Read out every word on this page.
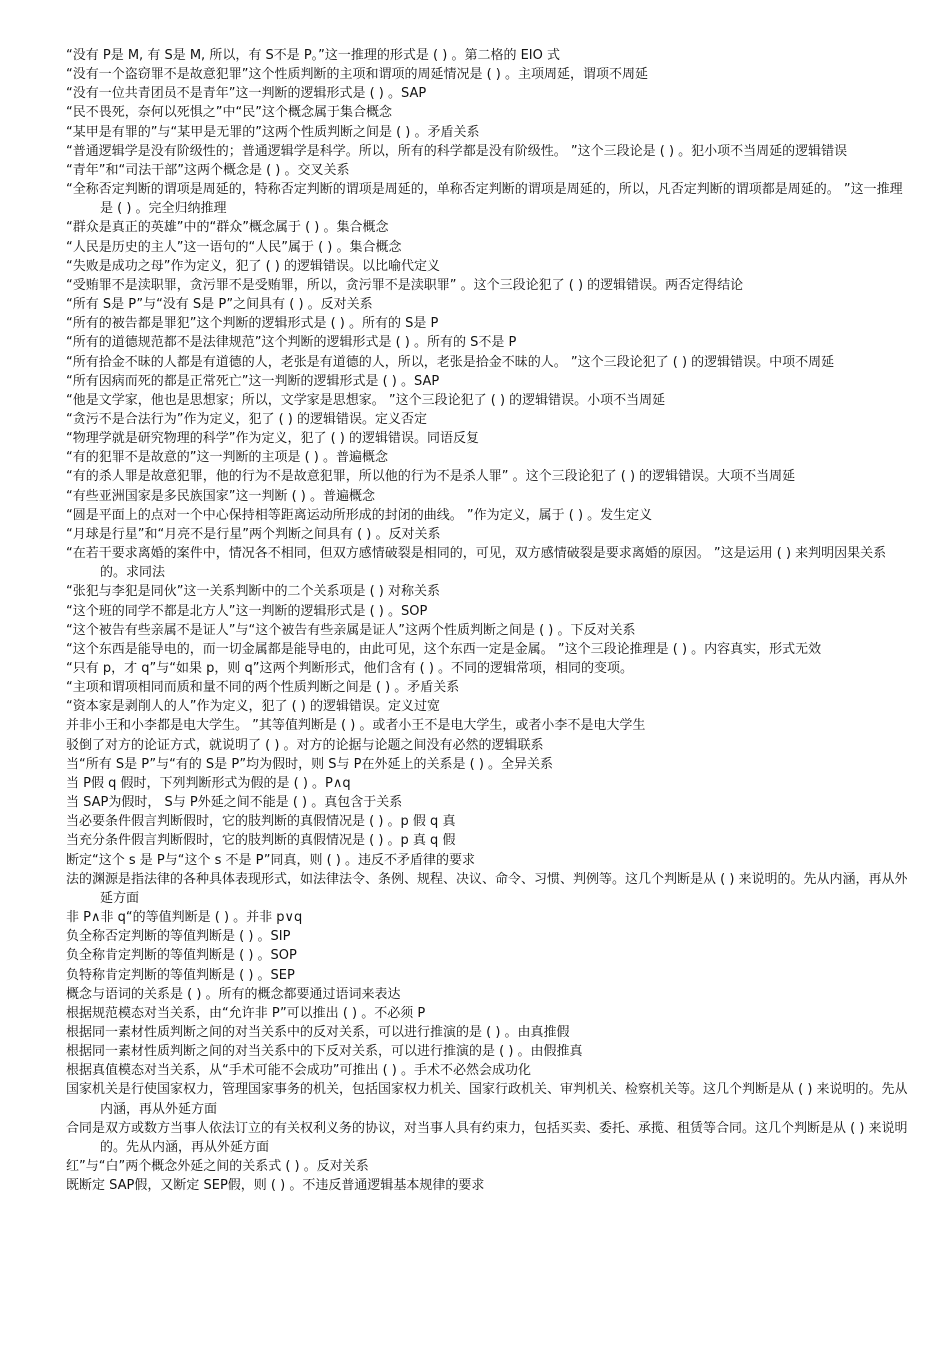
“没有 P是 M, 有 S是 M, 所以，有 S不是 P。”这一推理的形式是 ( ) 。第二格的 EIO 式
“没有一个盗窃罪不是故意犯罪”这个性质判断的主项和谓项的周延情况是 ( ) 。主项周延，谓项不周延
“没有一位共青团员不是青年”这一判断的逻辑形式是 ( ) 。SAP
“民不畏死，奈何以死惧之”中“民”这个概念属于集合概念
“某甲是有罪的”与“某甲是无罪的”这两个性质判断之间是 ( ) 。矛盾关系
“普通逻辑学是没有阶级性的；普通逻辑学是科学。所以，所有的科学都是没有阶级性。 ”这个三段论是 ( ) 。犯小项不当周延的逻辑错误
“青年”和“司法干部”这两个概念是 ( ) 。交叉关系
“全称否定判断的谓项是周延的，特称否定判断的谓项是周延的，单称否定判断的谓项是周延的，所以，凡否定判断的谓项都是周延的。 ”这一推理是 ( ) 。完全归纳推理
“群众是真正的英雄”中的“群众”概念属于 ( ) 。集合概念
“人民是历史的主人”这一语句的“人民”属于 ( ) 。集合概念
“失败是成功之母”作为定义，犯了 ( ) 的逻辑错误。以比喻代定义
“受贿罪不是渎职罪，贪污罪不是受贿罪，所以，贪污罪不是渎职罪” 。这个三段论犯了 ( ) 的逻辑错误。两否定得结论
“所有 S是 P”与“没有 S是 P”之间具有 ( ) 。反对关系
“所有的被告都是罪犯”这个判断的逻辑形式是 ( ) 。所有的 S是 P
“所有的道德规范都不是法律规范”这个判断的逻辑形式是 ( ) 。所有的 S不是 P
“所有拾金不昧的人都是有道德的人，老张是有道德的人，所以，老张是拾金不昧的人。 ”这个三段论犯了 ( ) 的逻辑错误。中项不周延
“所有因病而死的都是正常死亡”这一判断的逻辑形式是 ( ) 。SAP
“他是文学家，他也是思想家；所以，文学家是思想家。 ”这个三段论犯了 ( ) 的逻辑错误。小项不当周延
“贪污不是合法行为”作为定义，犯了 ( ) 的逻辑错误。定义否定
“物理学就是研究物理的科学”作为定义，犯了 ( ) 的逻辑错误。同语反复
“有的犯罪不是故意的”这一判断的主项是 ( ) 。普遍概念
“有的杀人罪是故意犯罪，他的行为不是故意犯罪，所以他的行为不是杀人罪” 。这个三段论犯了 ( ) 的逻辑错误。大项不当周延
“有些亚洲国家是多民族国家”这一判断 ( ) 。普遍概念
“圆是平面上的点对一个中心保持相等距离运动所形成的封闭的曲线。 ”作为定义，属于 ( ) 。发生定义
“月球是行星”和“月亮不是行星”两个判断之间具有 ( ) 。反对关系
“在若干要求离婚的案件中，情况各不相同，但双方感情破裂是相同的，可见，双方感情破裂是要求离婚的原因。 ”这是运用 ( ) 来判明因果关系的。求同法
“张犯与李犯是同伙”这一关系判断中的二个关系项是 ( ) 对称关系
“这个班的同学不都是北方人”这一判断的逻辑形式是 ( ) 。SOP
“这个被告有些亲属不是证人”与“这个被告有些亲属是证人”这两个性质判断之间是 ( ) 。下反对关系
“这个东西是能导电的，而一切金属都是能导电的，由此可见，这个东西一定是金属。 ”这个三段论推理是 ( ) 。内容真实，形式无效
“只有 p，才 q”与“如果 p，则 q”这两个判断形式，他们含有 ( ) 。不同的逻辑常项，相同的变项。
“主项和谓项相同而质和量不同的两个性质判断之间是 ( ) 。矛盾关系
“资本家是剥削人的人”作为定义，犯了 ( ) 的逻辑错误。定义过宽
并非小王和小李都是电大学生。 ”其等值判断是 ( ) 。或者小王不是电大学生，或者小李不是电大学生
驳倒了对方的论证方式，就说明了 ( ) 。对方的论据与论题之间没有必然的逻辑联系
当“所有 S是 P”与“有的 S是 P”均为假时，则 S与 P在外延上的关系是 ( ) 。全异关系
当 P假 q 假时，下列判断形式为假的是 ( ) 。P∧q
当 SAP为假时， S与 P外延之间不能是 ( ) 。真包含于关系
当必要条件假言判断假时，它的肢判断的真假情况是 ( ) 。p 假 q 真
当充分条件假言判断假时，它的肢判断的真假情况是 ( ) 。p 真 q 假
断定“这个 s 是 P与“这个 s 不是 P”同真，则 ( ) 。违反不矛盾律的要求
法的渊源是指法律的各种具体表现形式，如法律法令、条例、规程、决议、命令、习惯、判例等。这几个判断是从 ( ) 来说明的。先从内涵，再从外延方面
非 P∧非 q“的等值判断是 ( ) 。并非 p∨q
负全称否定判断的等值判断是 ( ) 。SIP
负全称肯定判断的等值判断是 ( ) 。SOP
负特称肯定判断的等值判断是 ( ) 。SEP
概念与语词的关系是 ( ) 。所有的概念都要通过语词来表达
根据规范模态对当关系，由“允许非 P”可以推出 ( ) 。不必须 P
根据同一素材性质判断之间的对当关系中的反对关系，可以进行推演的是 ( ) 。由真推假
根据同一素材性质判断之间的对当关系中的下反对关系，可以进行推演的是 ( ) 。由假推真
根据真值模态对当关系，从“手术可能不会成功”可推出 ( ) 。手术不必然会成功化
国家机关是行使国家权力，管理国家事务的机关，包括国家权力机关、国家行政机关、审判机关、检察机关等。这几个判断是从 ( ) 来说明的。先从内涵，再从外延方面
合同是双方或数方当事人依法订立的有关权利义务的协议，对当事人具有约束力，包括买卖、委托、承揽、租赁等合同。这几个判断是从 ( ) 来说明的。先从内涵，再从外延方面
红”与“白”两个概念外延之间的关系式 ( ) 。反对关系
既断定 SAP假，又断定 SEP假，则 ( ) 。不违反普通逻辑基本规律的要求
